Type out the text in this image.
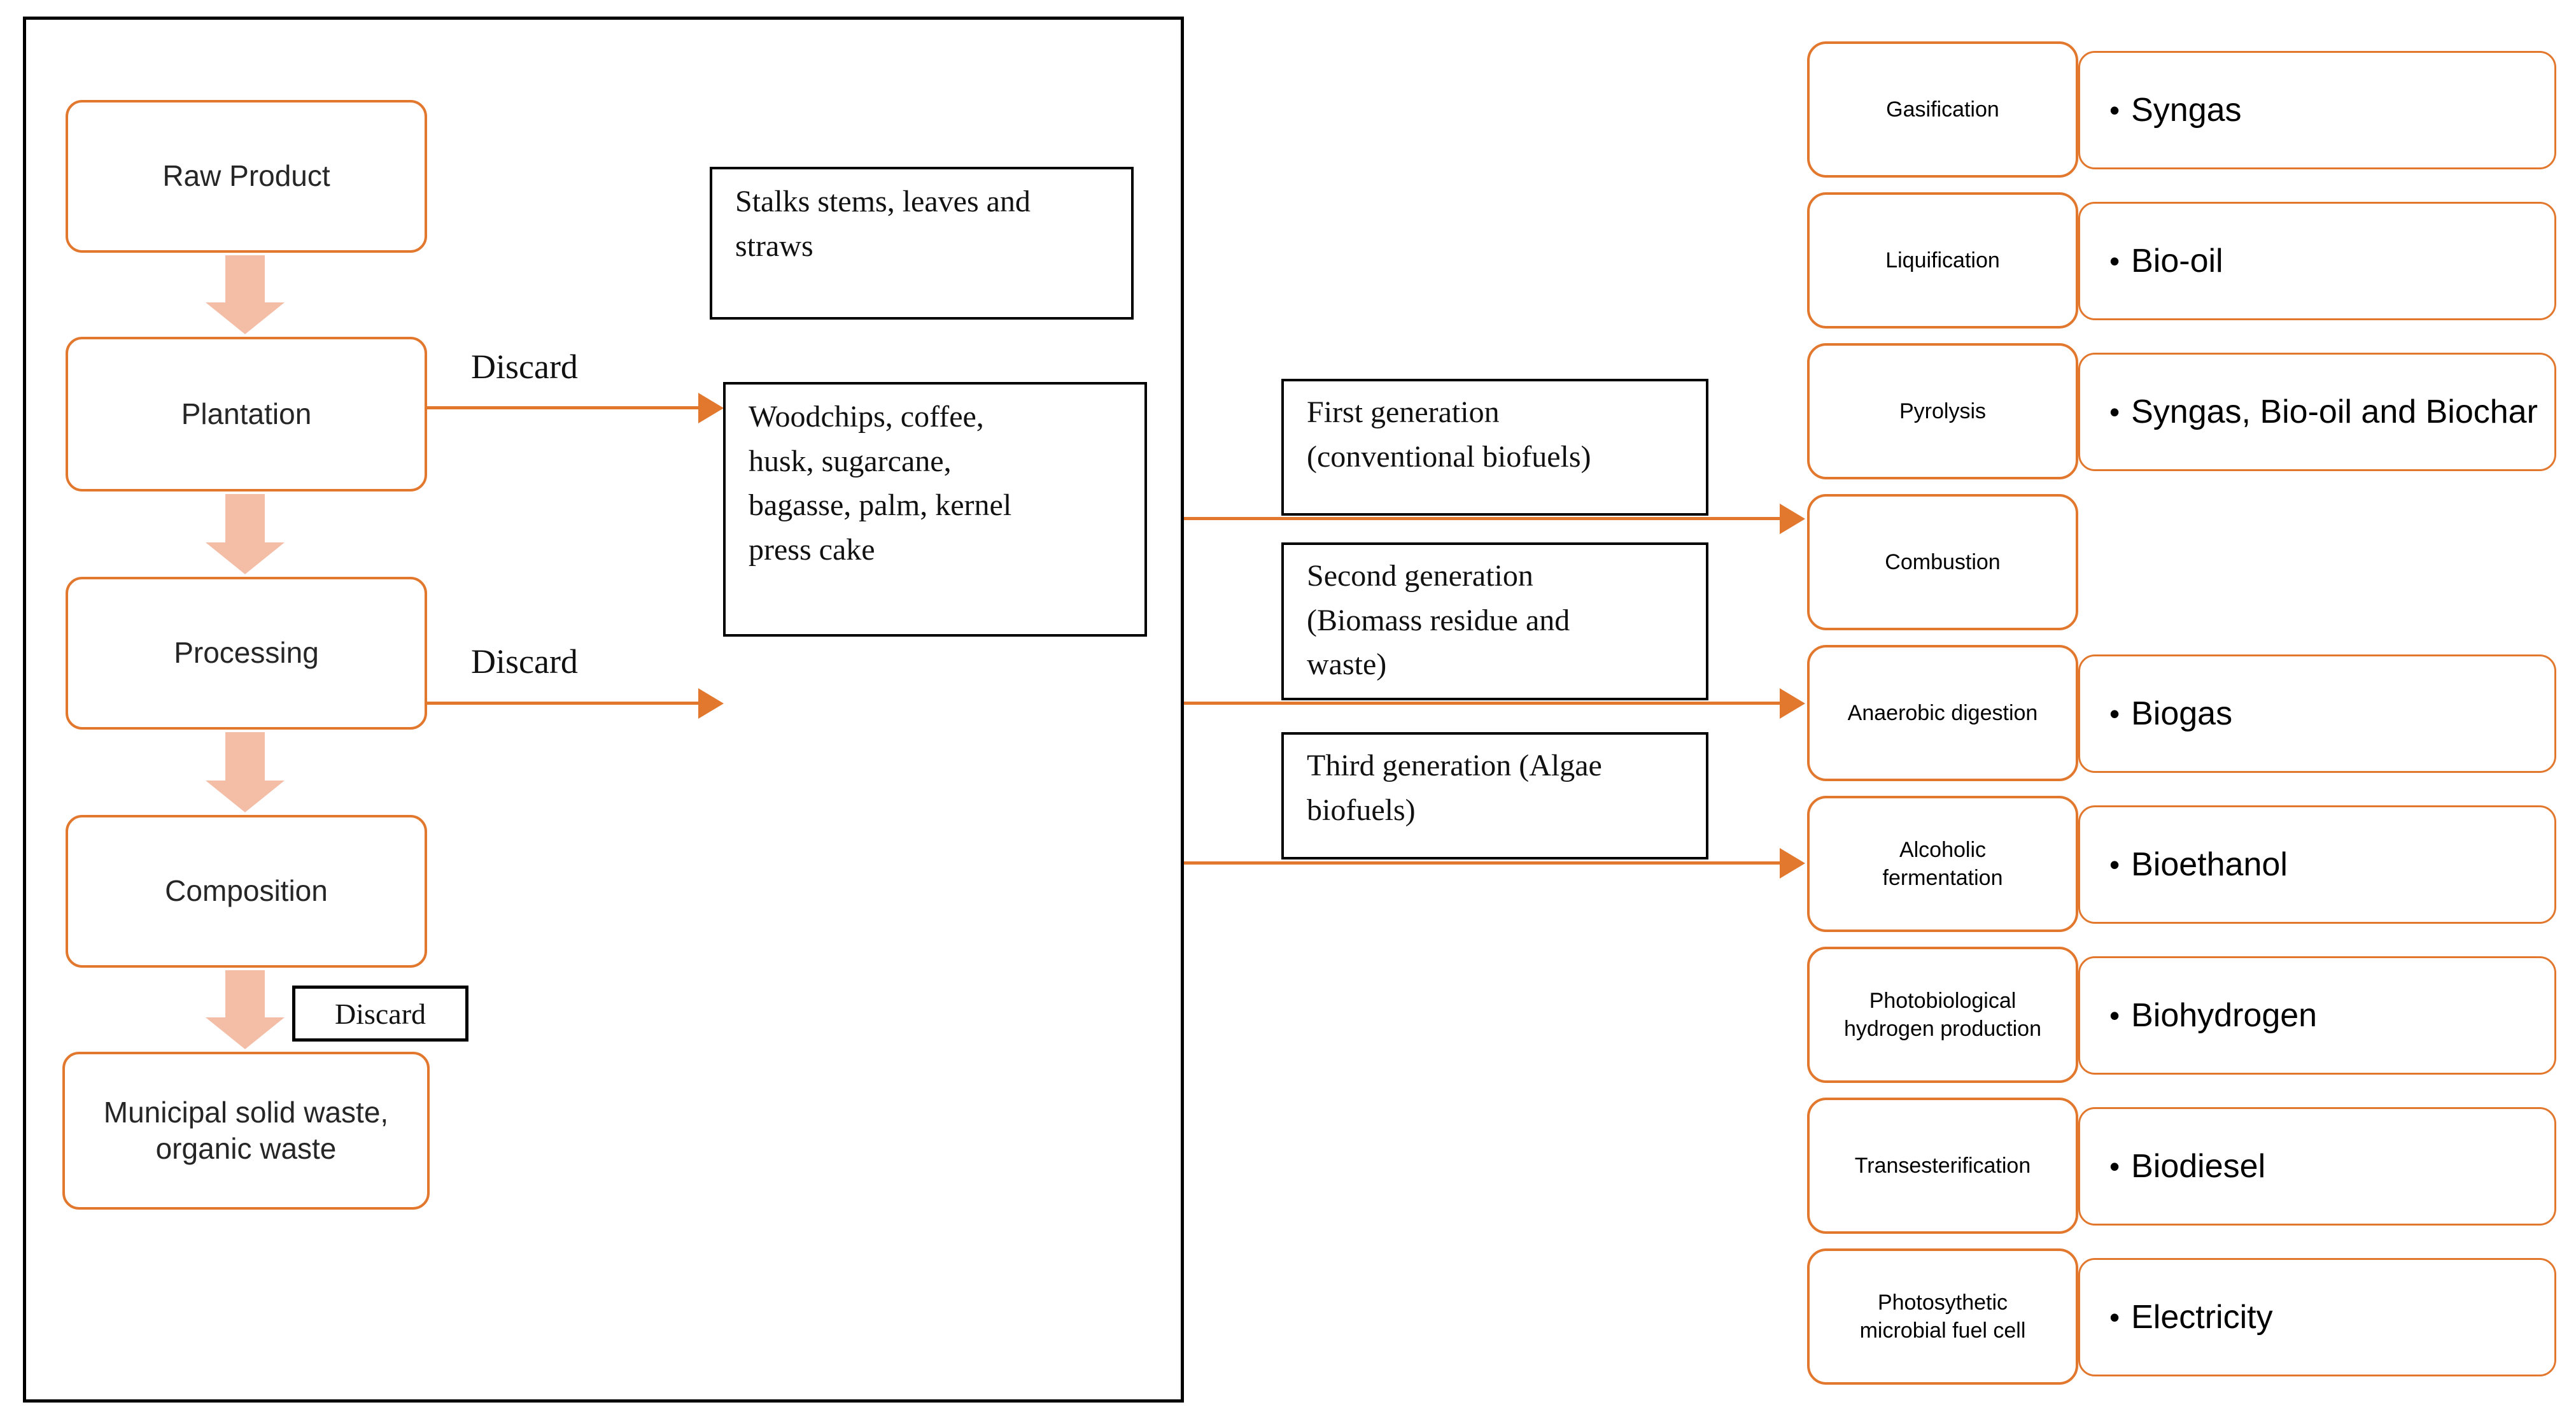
Raw Product
Plantation
Processing
Composition
Municipal solid waste, organic waste
Discard
Discard
Discard
Stalks stems, leaves and straws
Woodchips, coffee, husk, sugarcane, bagasse, palm, kernel press cake
First generation (conventional biofuels)
Second generation (Biomass residue and waste)
Third generation (Algae biofuels)
Gasification
Liquification
Pyrolysis
Combustion
Anaerobic digestion
Alcoholic fermentation
Photobiological hydrogen production
Transesterification
Photosythetic microbial fuel cell
• Syngas
• Bio-oil
• Syngas, Bio-oil and Biochar
• Biogas
• Bioethanol
• Biohydrogen
• Biodiesel
• Electricity
